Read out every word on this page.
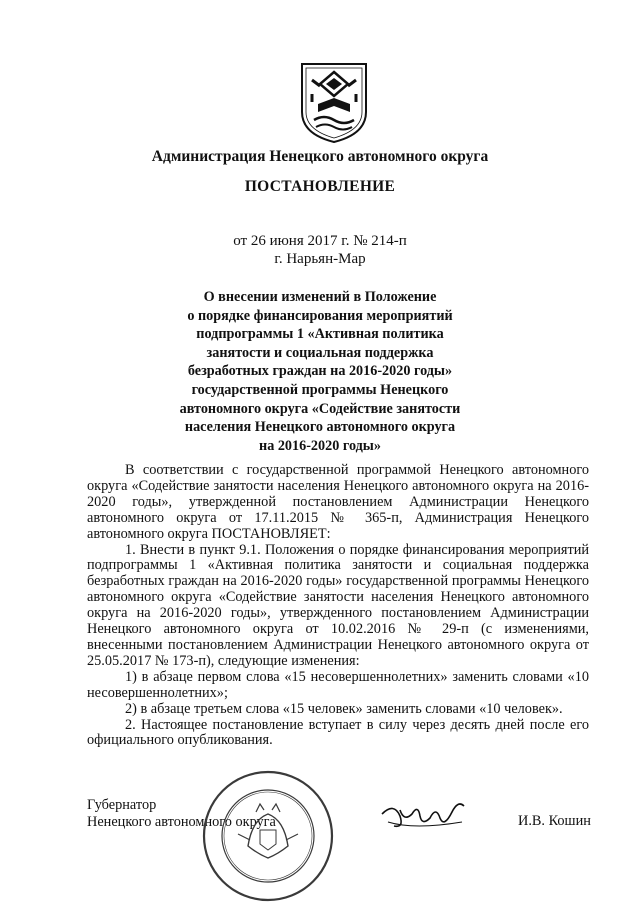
Администрация Ненецкого автономного округа
ПОСТАНОВЛЕНИЕ
от 26 июня 2017 г. № 214-п
г. Нарьян-Мар
О внесении изменений в Положение
о порядке финансирования мероприятий
подпрограммы 1 «Активная политика
занятости и социальная поддержка
безработных граждан на 2016-2020 годы»
государственной программы Ненецкого
автономного округа «Содействие занятости
населения Ненецкого автономного округа
на 2016-2020 годы»

В соответствии с государственной программой Ненецкого автономного округа «Содействие занятости населения Ненецкого автономного округа на 2016-2020 годы», утвержденной постановлением Администрации Ненецкого автономного округа от 17.11.2015 № 365-п, Администрация Ненецкого автономного округа ПОСТАНОВЛЯЕТ:

1. Внести в пункт 9.1. Положения о порядке финансирования мероприятий подпрограммы 1 «Активная политика занятости и социальная поддержка безработных граждан на 2016-2020 годы» государственной программы Ненецкого автономного округа «Содействие занятости населения Ненецкого автономного округа на 2016-2020 годы», утвержденного постановлением Администрации Ненецкого автономного округа от 10.02.2016 № 29-п (с изменениями, внесенными постановлением Администрации Ненецкого автономного округа от 25.05.2017 № 173-п), следующие изменения:

1) в абзаце первом слова «15 несовершеннолетних» заменить словами «10 несовершеннолетних»;

2) в абзаце третьем слова «15 человек» заменить словами «10 человек».

2. Настоящее постановление вступает в силу через десять дней после его официального опубликования.

Губернатор
Ненецкого автономного округа	И.В. Кошин
